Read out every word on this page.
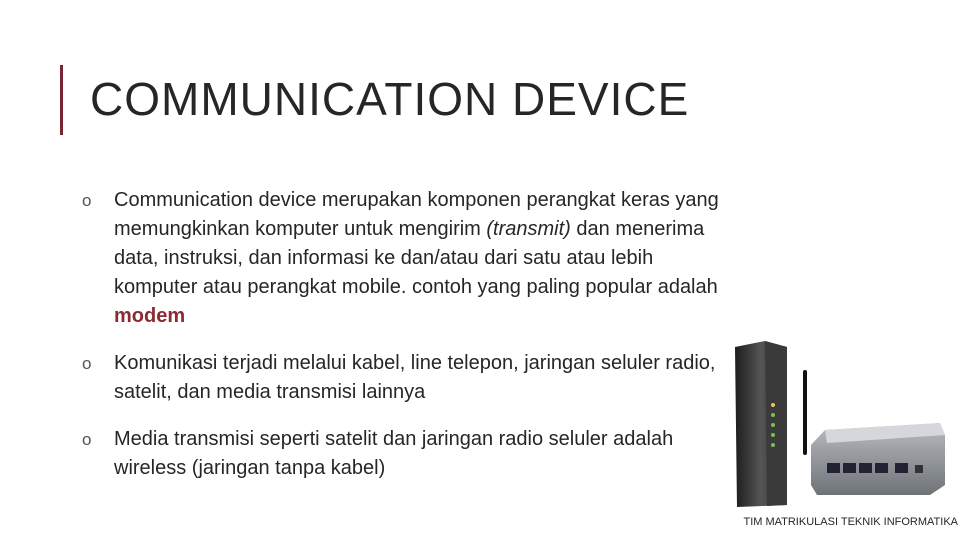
COMMUNICATION DEVICE
o Communication device merupakan komponen perangkat keras yang memungkinkan komputer untuk mengirim (transmit) dan menerima data, instruksi, dan informasi ke dan/atau dari satu atau lebih komputer atau perangkat mobile. contoh yang paling popular adalah modem
o Komunikasi terjadi melalui kabel, line telepon, jaringan seluler radio, satelit, dan media transmisi lainnya
o Media transmisi seperti satelit dan jaringan radio seluler adalah wireless (jaringan tanpa kabel)
TIM MATRIKULASI TEKNIK INFORMATIKA
